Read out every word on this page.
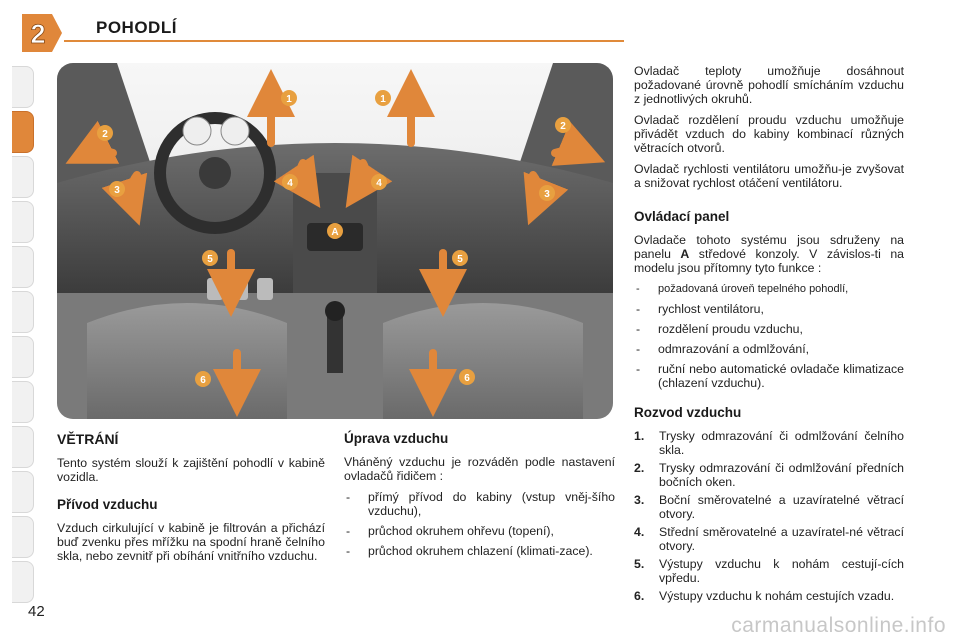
2	POHODLÍ
1	1
2
2
3	3
4	4
5	5
6	6
A
VĚTRÁNÍ

Tento systém slouží k zajištění pohodlí v kabině vozidla.

Přívod vzduchu

Vzduch cirkulující v kabině je filtrován a přichází buď zvenku přes mřížku na spodní hraně čelního skla, nebo zevnitř při obíhání vnitřního vzduchu.

Úprava vzduchu

Vháněný vzduchu je rozváděn podle nastavení ovladačů řidičem :

- přímý přívod do kabiny (vstup vněj-šího vzduchu),
- průchod okruhem ohřevu (topení),
- průchod okruhem chlazení (klimati-zace).

Ovladač teploty umožňuje dosáhnout požadované úrovně pohodlí smícháním vzduchu z jednotlivých okruhů.

Ovladač rozdělení proudu vzduchu umožňuje přivádět vzduch do kabiny kombinací různých větracích otvorů.

Ovladač rychlosti ventilátoru umožňu-je zvyšovat a snižovat rychlost otáčení ventilátoru.

Ovládací panel

Ovladače tohoto systému jsou sdruženy na panelu A středové konzoly. V závislos-ti na modelu jsou přítomny tyto funkce :

- požadovaná úroveň tepelného pohodlí,
- rychlost ventilátoru,
- rozdělení proudu vzduchu,
- odmrazování a odmlžování,
- ruční nebo automatické ovladače klimatizace (chlazení vzduchu).
Rozvod vzduchu
1. Trysky odmrazování či odmlžování čelního skla.
2. Trysky odmrazování či odmlžování předních bočních oken.
3. Boční směrovatelné a uzavíratelné větrací otvory.
4. Střední směrovatelné a uzavíratel-né větrací otvory.
5. Výstupy vzduchu k nohám cestují-cích vpředu.
6. Výstupy vzduchu k nohám cestujích vzadu.
42
carmanualsonline.info
